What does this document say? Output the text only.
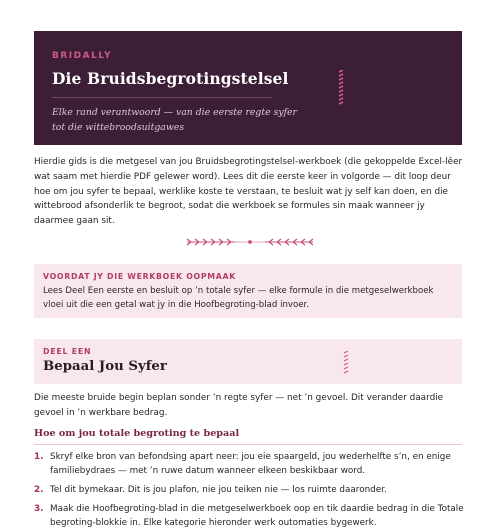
BRIDALLY
Die Bruidsbegrotingstelsel

Elke rand verantwoord — van die eerste regte syfer tot die wittebroodsuitgawes

Hierdie gids is die metgesel van jou Bruidsbegrotingstelsel-werkboek (die gekoppelde Excel-lêer wat saam met hierdie PDF gelewer word). Lees dit die eerste keer in volgorde — dit loop deur hoe om jou syfer te bepaal, werklike koste te verstaan, te besluit wat jy self kan doen, en die wittebrood afsonderlik te begroot, sodat die werkboek se formules sin maak wanneer jy daarmee gaan sit.

VOORDAT JY DIE WERKBOEK OOPMAAK

Lees Deel Een eerste en besluit op ’n totale syfer — elke formule in die metgeselwerkboek vloei uit die een getal wat jy in die Hoofbegroting-blad invoer.

DEEL EEN
Bepaal Jou Syfer

Die meeste bruide begin beplan sonder ’n regte syfer — net ’n gevoel. Dit verander daardie gevoel in ’n werkbare bedrag.

Hoe om jou totale begroting te bepaal
1. Skryf elke bron van befondsing apart neer: jou eie spaargeld, jou wederhelfte s’n, en enige familiebydraes — met ’n ruwe datum wanneer elkeen beskikbaar word.
2. Tel dit bymekaar. Dit is jou plafon, nie jou teiken nie — los ruimte daaronder.
3. Maak die Hoofbegroting-blad in die metgeselwerkboek oop en tik daardie bedrag in die Totale begroting-blokkie in. Elke kategorie hieronder werk outomaties bygewerk.
